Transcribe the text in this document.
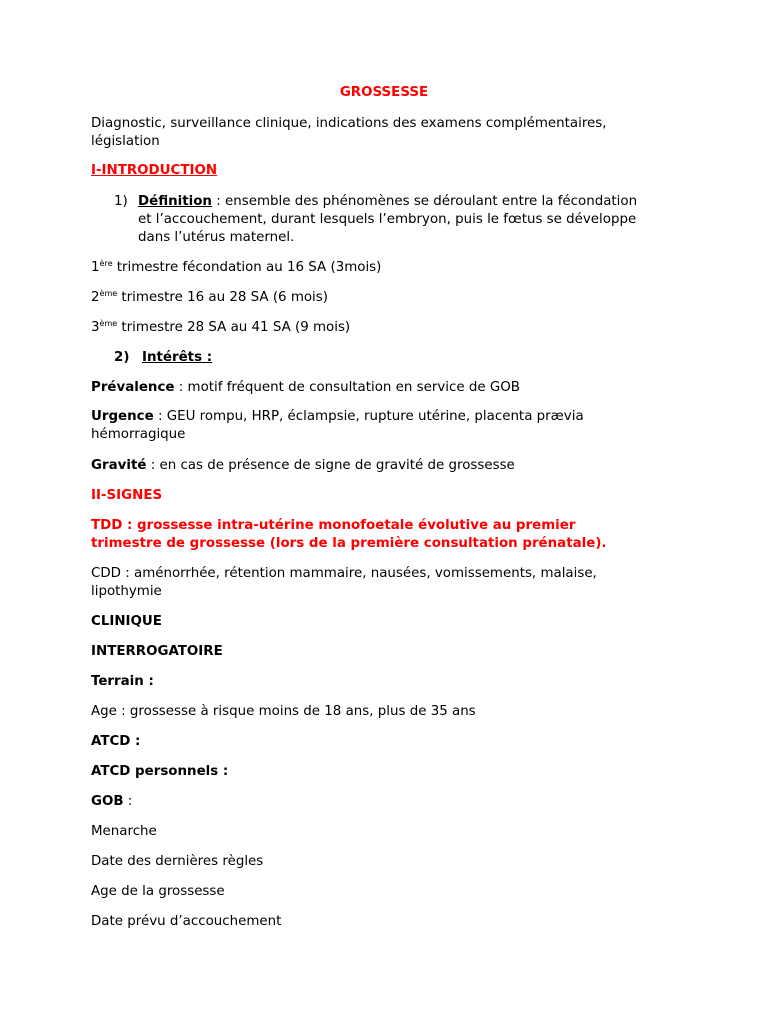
GROSSESSE

Diagnostic, surveillance clinique, indications des examens complémentaires,

législation

I-INTRODUCTION

1) Définition : ensemble des phénomènes se déroulant entre la fécondation

et l’accouchement, durant lesquels l’embryon, puis le fœtus se développe

dans l’utérus maternel.

1ère trimestre fécondation au 16 SA (3mois)

2ème trimestre 16 au 28 SA (6 mois)

3ème trimestre 28 SA au 41 SA (9 mois)

2) Intérêts :

Prévalence : motif fréquent de consultation en service de GOB

Urgence : GEU rompu, HRP, éclampsie, rupture utérine, placenta prævia

hémorragique

Gravité : en cas de présence de signe de gravité de grossesse

II-SIGNES

TDD : grossesse intra-utérine monofoetale évolutive au premier

trimestre de grossesse (lors de la première consultation prénatale).

CDD : aménorrhée, rétention mammaire, nausées, vomissements, malaise,

lipothymie

CLINIQUE

INTERROGATOIRE

Terrain :

Age : grossesse à risque moins de 18 ans, plus de 35 ans

ATCD :

ATCD personnels :

GOB :

Menarche

Date des dernières règles

Age de la grossesse

Date prévu d’accouchement
